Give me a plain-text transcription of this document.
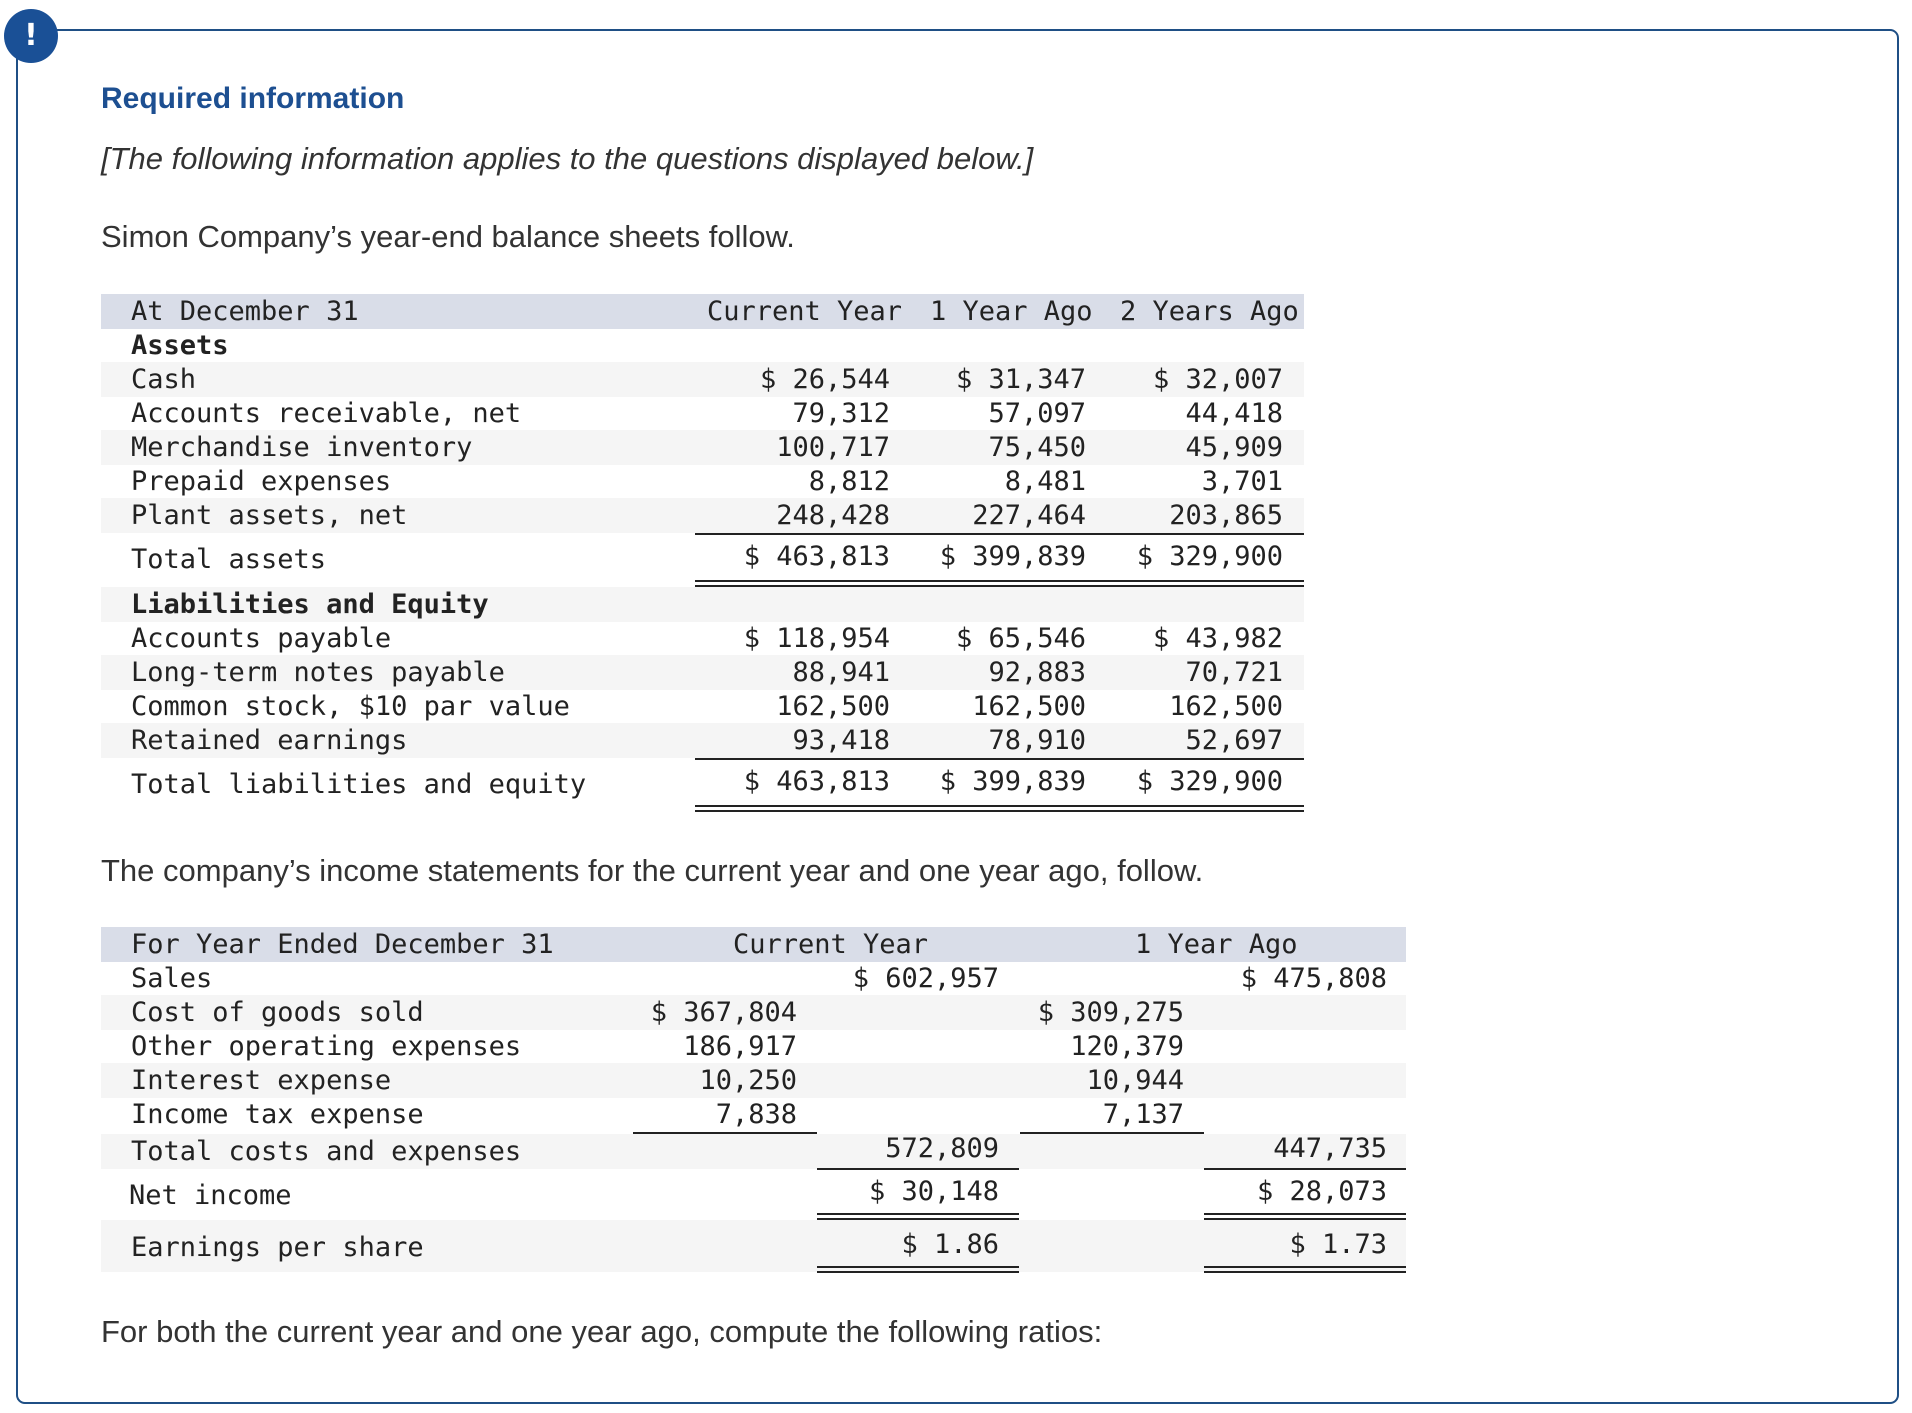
!
Required information
[The following information applies to the questions displayed below.]
Simon Company’s year-end balance sheets follow.
At December 31	Current Year 1 Year Ago 2 Years Ago
Assets
Cash	$ 26,544 $ 31,347 $ 32,007
Accounts receivable, net	79,312	57,097	44,418
Merchandise inventory	100,717	75,450	45,909
Prepaid expenses	8,812	8,481	3,701
Plant assets, net	248,428	227,464	203,865
Total assets	$ 463,813 $ 399,839 $ 329,900
Liabilities and Equity
Accounts payable	$ 118,954 $ 65,546 $ 43,982
Long-term notes payable	88,941	92,883	70,721
Common stock, $10 par value	162,500	162,500	162,500
Retained earnings	93,418	78,910	52,697
Total liabilities and equity	$ 463,813 $ 399,839 $ 329,900
The company’s income statements for the current year and one year ago, follow.
For Year Ended December 31	Current Year	1 Year Ago
Sales	$ 602,957	$ 475,808
Cost of goods sold	$ 367,804	$ 309,275
Other operating expenses	186,917	120,379
Interest expense	10,250	10,944
Income tax expense	7,838	7,137
Total costs and expenses	572,809	447,735
Net income	$ 30,148	$ 28,073
Earnings per share	$ 1.86	$ 1.73
For both the current year and one year ago, compute the following ratios:
